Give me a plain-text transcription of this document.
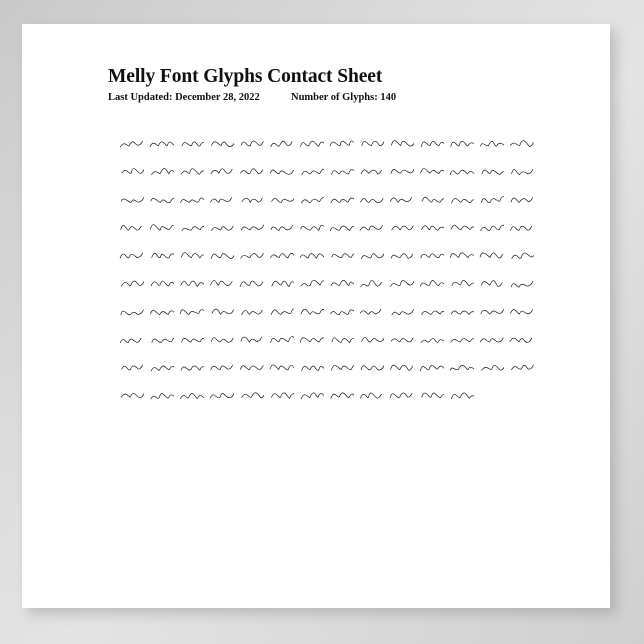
Melly Font Glyphs Contact Sheet
Last Updated: December 28, 2022	Number of Glyphs: 140
